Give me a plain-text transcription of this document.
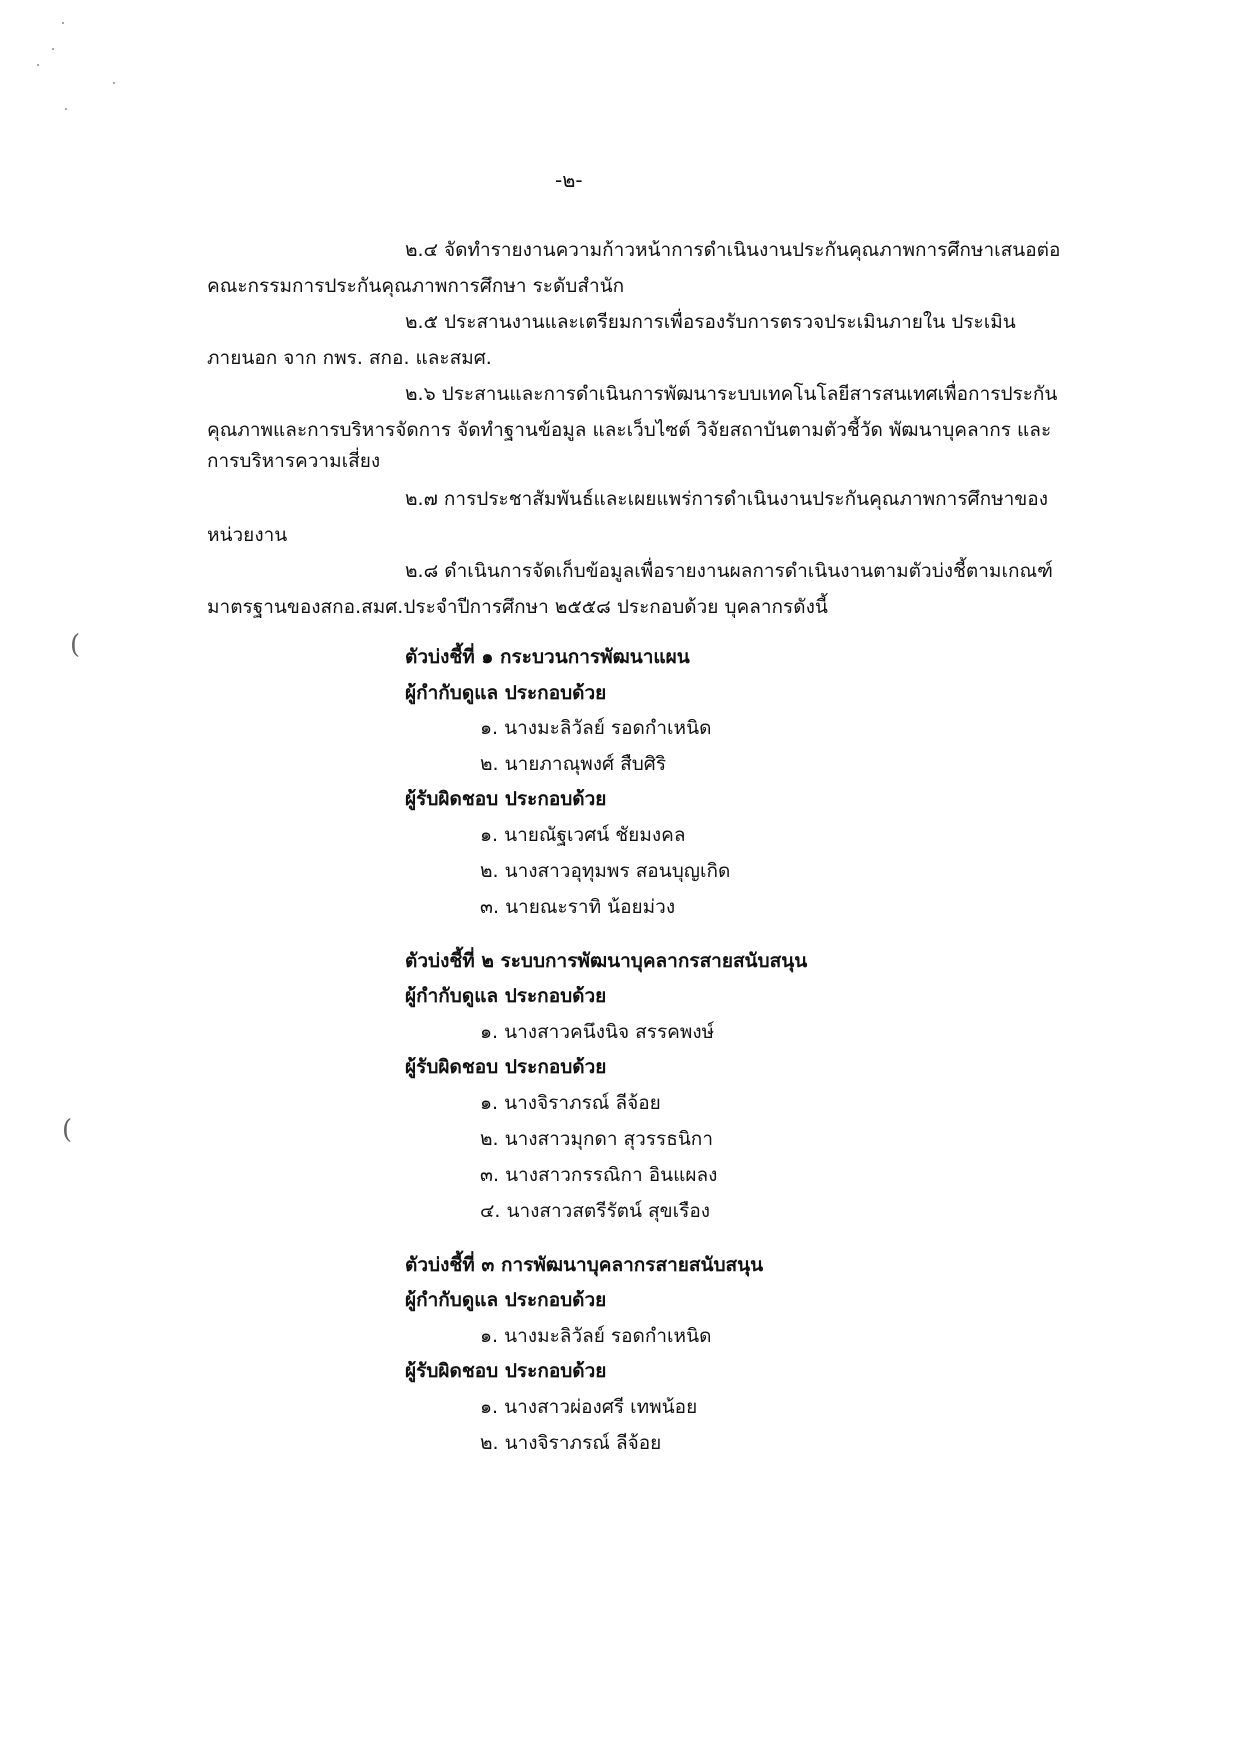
(
(
-๒-
๒.๔ จัดทำรายงานความก้าวหน้าการดำเนินงานประกันคุณภาพการศึกษาเสนอต่อ
คณะกรรมการประกันคุณภาพการศึกษา ระดับสำนัก
๒.๕ ประสานงานและเตรียมการเพื่อรองรับการตรวจประเมินภายใน ประเมิน
ภายนอก จาก กพร. สกอ. และสมศ.
๒.๖ ประสานและการดำเนินการพัฒนาระบบเทคโนโลยีสารสนเทศเพื่อการประกัน
คุณภาพและการบริหารจัดการ จัดทำฐานข้อมูล และเว็บไซต์ วิจัยสถาบันตามตัวชี้วัด พัฒนาบุคลากร และ
การบริหารความเสี่ยง
๒.๗ การประชาสัมพันธ์และเผยแพร่การดำเนินงานประกันคุณภาพการศึกษาของ
หน่วยงาน
๒.๘ ดำเนินการจัดเก็บข้อมูลเพื่อรายงานผลการดำเนินงานตามตัวบ่งชี้ตามเกณฑ์
มาตรฐานของสกอ.สมศ.ประจำปีการศึกษา ๒๕๕๘ ประกอบด้วย บุคลากรดังนี้
ตัวบ่งชี้ที่ ๑ กระบวนการพัฒนาแผน
ผู้กำกับดูแล ประกอบด้วย
๑. นางมะลิวัลย์ รอดกำเหนิด
๒. นายภาณุพงศ์ สืบศิริ
ผู้รับผิดชอบ ประกอบด้วย
๑. นายณัฐเวศน์ ชัยมงคล
๒. นางสาวอุทุมพร สอนบุญเกิด
๓. นายณะราทิ น้อยม่วง
ตัวบ่งชี้ที่ ๒ ระบบการพัฒนาบุคลากรสายสนับสนุน
ผู้กำกับดูแล ประกอบด้วย
๑. นางสาวคนึงนิจ สรรคพงษ์
ผู้รับผิดชอบ ประกอบด้วย
๑. นางจิราภรณ์ ลีจ้อย
๒. นางสาวมุกดา สุวรรธนิกา
๓. นางสาวกรรณิกา อินแผลง
๔. นางสาวสตรีรัตน์ สุขเรือง
ตัวบ่งชี้ที่ ๓ การพัฒนาบุคลากรสายสนับสนุน
ผู้กำกับดูแล ประกอบด้วย
๑. นางมะลิวัลย์ รอดกำเหนิด
ผู้รับผิดชอบ ประกอบด้วย
๑. นางสาวผ่องศรี เทพน้อย
๒. นางจิราภรณ์ ลีจ้อย
